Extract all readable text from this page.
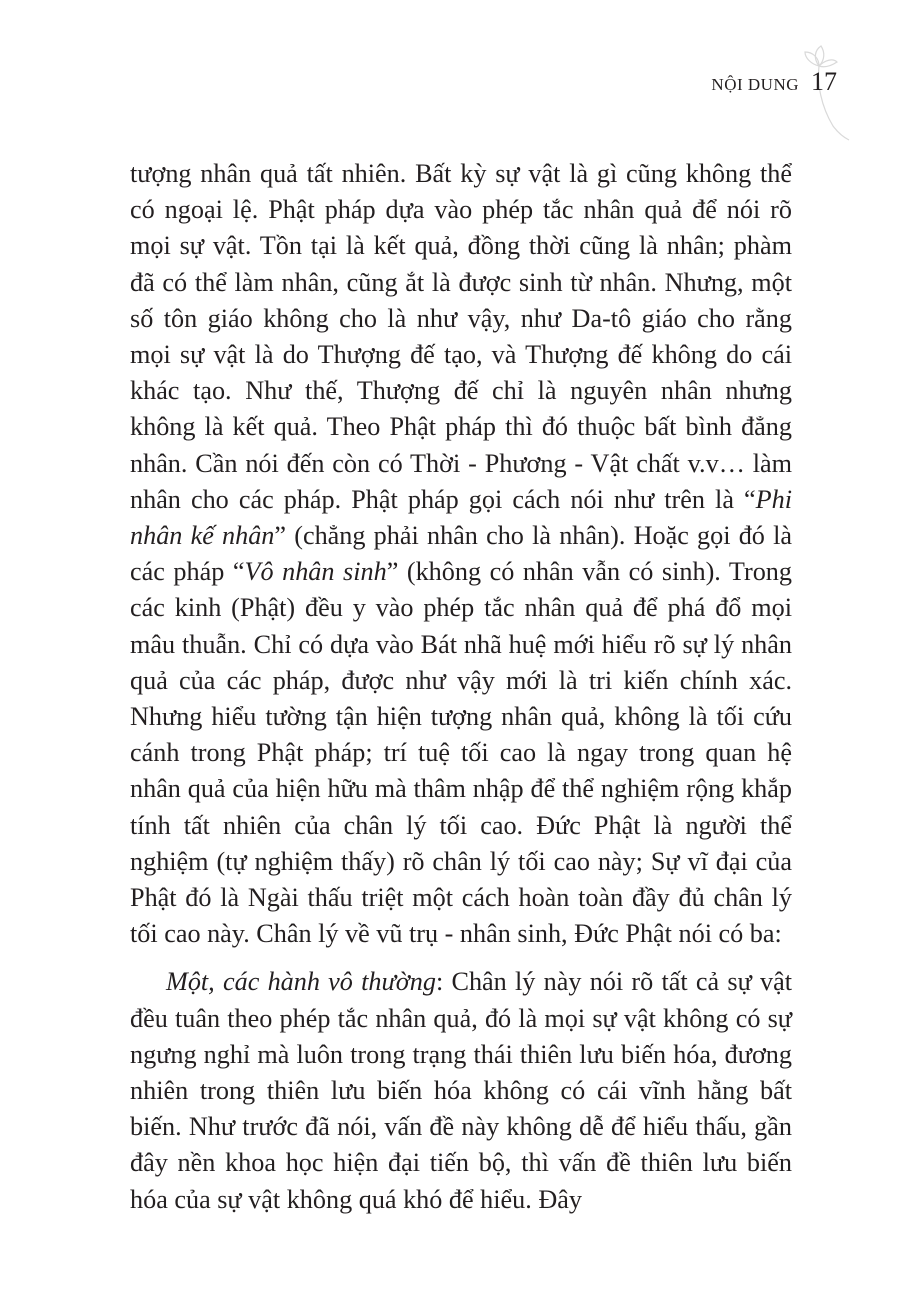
NỘI DUNG 17

tượng nhân quả tất nhiên. Bất kỳ sự vật là gì cũng không thể có ngoại lệ. Phật pháp dựa vào phép tắc nhân quả để nói rõ mọi sự vật. Tồn tại là kết quả, đồng thời cũng là nhân; phàm đã có thể làm nhân, cũng ắt là được sinh từ nhân. Nhưng, một số tôn giáo không cho là như vậy, như Da-tô giáo cho rằng mọi sự vật là do Thượng đế tạo, và Thượng đế không do cái khác tạo. Như thế, Thượng đế chỉ là nguyên nhân nhưng không là kết quả. Theo Phật pháp thì đó thuộc bất bình đẳng nhân. Cần nói đến còn có Thời - Phương - Vật chất v.v… làm nhân cho các pháp. Phật pháp gọi cách nói như trên là “Phi nhân kế nhân” (chẳng phải nhân cho là nhân). Hoặc gọi đó là các pháp “Vô nhân sinh” (không có nhân vẫn có sinh). Trong các kinh (Phật) đều y vào phép tắc nhân quả để phá đổ mọi mâu thuẫn. Chỉ có dựa vào Bát nhã huệ mới hiểu rõ sự lý nhân quả của các pháp, được như vậy mới là tri kiến chính xác. Nhưng hiểu tường tận hiện tượng nhân quả, không là tối cứu cánh trong Phật pháp; trí tuệ tối cao là ngay trong quan hệ nhân quả của hiện hữu mà thâm nhập để thể nghiệm rộng khắp tính tất nhiên của chân lý tối cao. Đức Phật là người thể nghiệm (tự nghiệm thấy) rõ chân lý tối cao này; Sự vĩ đại của Phật đó là Ngài thấu triệt một cách hoàn toàn đầy đủ chân lý tối cao này. Chân lý về vũ trụ - nhân sinh, Đức Phật nói có ba:

Một, các hành vô thường: Chân lý này nói rõ tất cả sự vật đều tuân theo phép tắc nhân quả, đó là mọi sự vật không có sự ngưng nghỉ mà luôn trong trạng thái thiên lưu biến hóa, đương nhiên trong thiên lưu biến hóa không có cái vĩnh hằng bất biến. Như trước đã nói, vấn đề này không dễ để hiểu thấu, gần đây nền khoa học hiện đại tiến bộ, thì vấn đề thiên lưu biến hóa của sự vật không quá khó để hiểu. Đây
